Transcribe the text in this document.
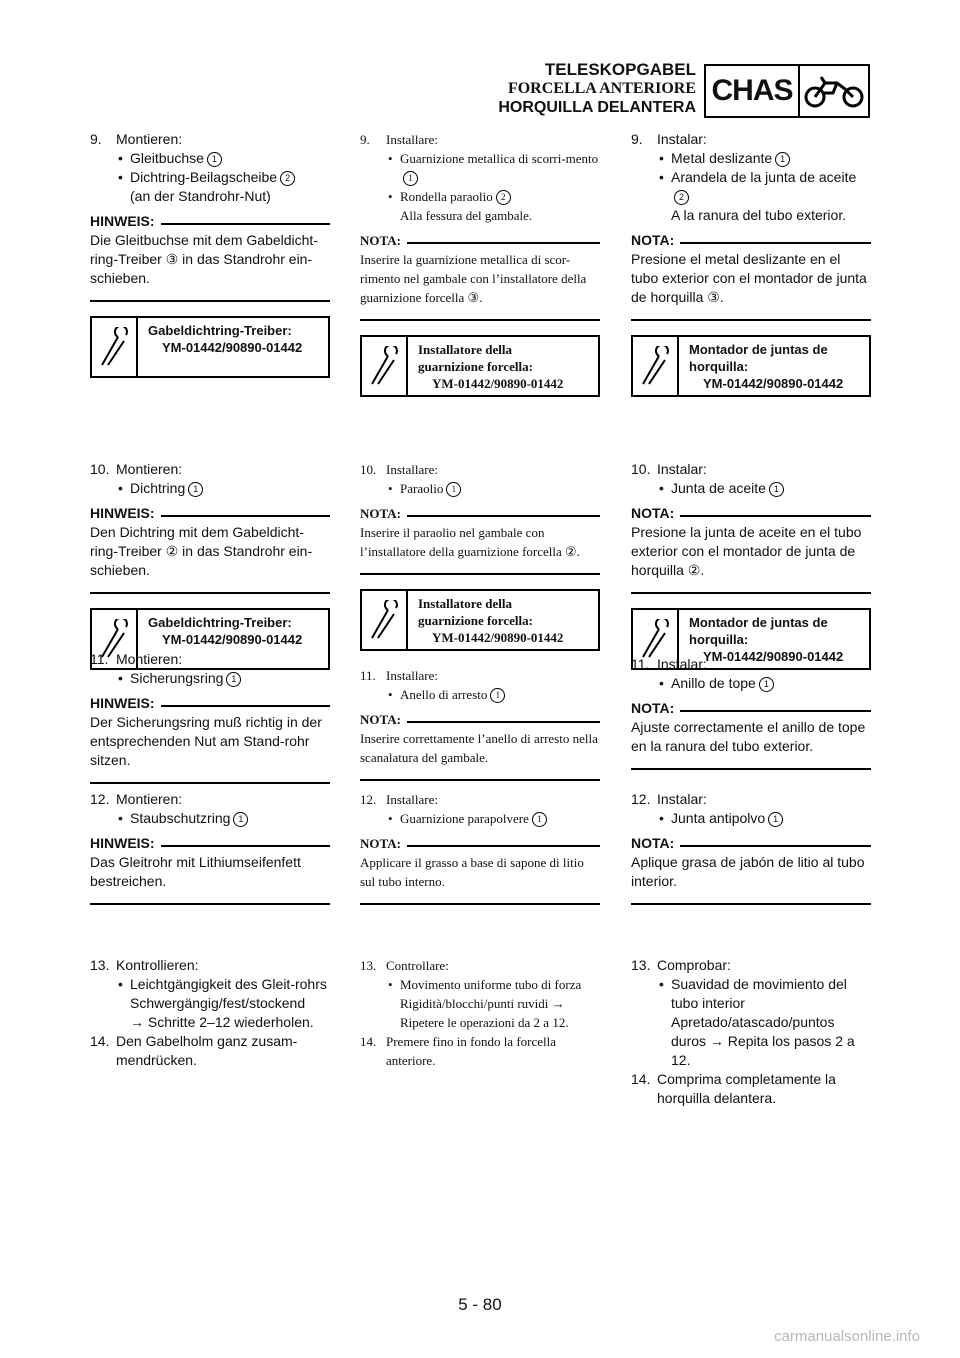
TELESKOPGABEL
FORCELLA ANTERIORE
HORQUILLA DELANTERA
CHAS
9. Montieren:
• Gleitbuchse 1
• Dichtring-Beilagscheibe 2
(an der Standrohr-Nut)
HINWEIS:
Die Gleitbuchse mit dem Gabeldicht-ring-Treiber ③ in das Standrohr ein-schieben.
Gabeldichtring-Treiber:
YM-01442/90890-01442
10. Montieren:
• Dichtring 1
HINWEIS:
Den Dichtring mit dem Gabeldicht-ring-Treiber ② in das Standrohr ein-schieben.
Gabeldichtring-Treiber:
YM-01442/90890-01442
11. Montieren:
• Sicherungsring 1
HINWEIS:
Der Sicherungsring muß richtig in der entsprechenden Nut am Stand-rohr sitzen.
12. Montieren:
• Staubschutzring 1
HINWEIS:
Das Gleitrohr mit Lithiumseifenfett bestreichen.
13. Kontrollieren:
• Leichtgängigkeit des Gleit-rohrs
Schwergängig/fest/stockend
→ Schritte 2–12 wiederholen.
14. Den Gabelholm ganz zusam-mendrücken.
9. Installare:
• Guarnizione metallica di scorri-mento1
• Rondella paraolio 2
Alla fessura del gambale.
NOTA:
Inserire la guarnizione metallica di scor-rimento nel gambale con l’installatore della guarnizione forcella ③.
Installatore della
guarnizione forcella:
YM-01442/90890-01442
10. Installare:
• Paraolio 1
NOTA:
Inserire il paraolio nel gambale con l’installatore della guarnizione forcella ②.
Installatore della
guarnizione forcella:
YM-01442/90890-01442
11. Installare:
• Anello di arresto 1
NOTA:
Inserire correttamente l’anello di arresto nella scanalatura del gambale.
12. Installare:
• Guarnizione parapolvere 1
NOTA:
Applicare il grasso a base di sapone di litio sul tubo interno.
13. Controllare:
• Movimento uniforme tubo di forza
Rigidità/blocchi/punti ruvidi →
Ripetere le operazioni da 2 a 12.
14. Premere fino in fondo la forcella anteriore.
9. Instalar:
• Metal deslizante 1
• Arandela de la junta de aceite2
A la ranura del tubo exterior.
NOTA:
Presione el metal deslizante en el tubo exterior con el montador de junta de horquilla ③.
Montador de juntas de
horquilla:
YM-01442/90890-01442
10. Instalar:
• Junta de aceite 1
NOTA:
Presione la junta de aceite en el tubo exterior con el montador de junta de horquilla ②.
Montador de juntas de
horquilla:
YM-01442/90890-01442
11. Instalar:
• Anillo de tope 1
NOTA:
Ajuste correctamente el anillo de tope en la ranura del tubo exterior.
12. Instalar:
• Junta antipolvo 1
NOTA:
Aplique grasa de jabón de litio al tubo interior.
13. Comprobar:
• Suavidad de movimiento del tubo interior
Apretado/atascado/puntos
duros → Repita los pasos 2 a 12.
14. Comprima completamente la horquilla delantera.
5 - 80
carmanualsonline.info
